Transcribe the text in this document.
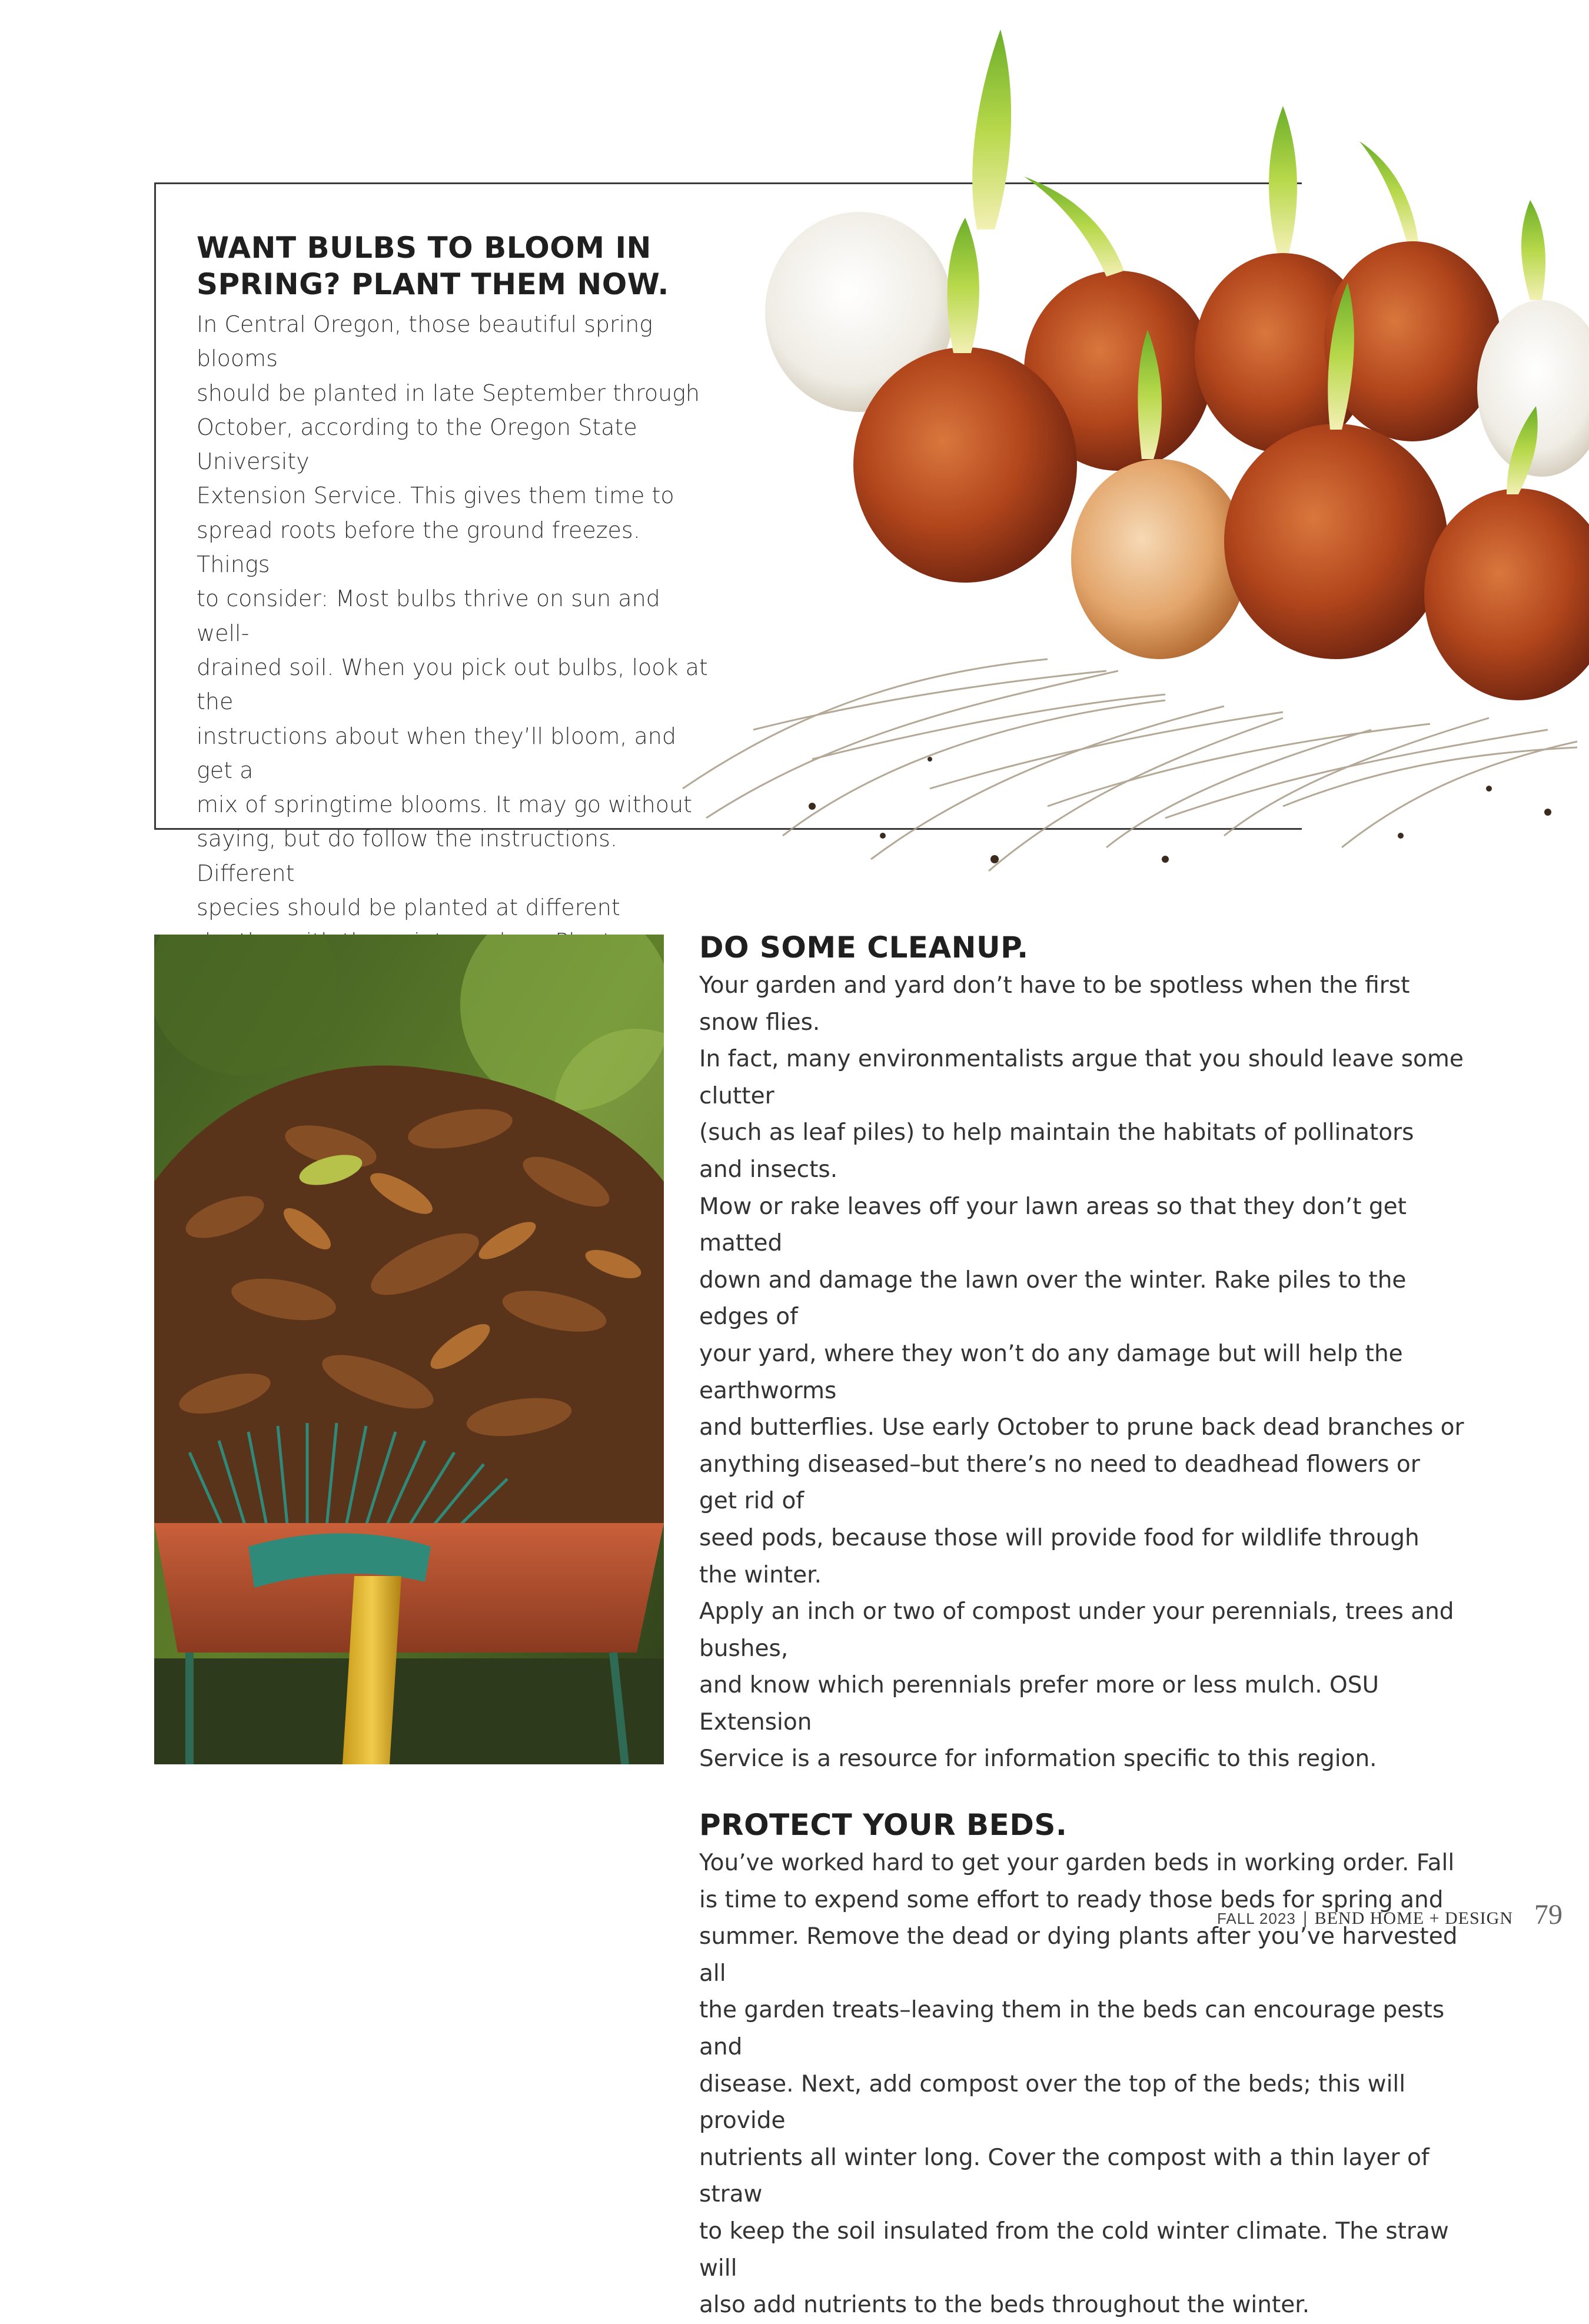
WANT BULBS TO BLOOM IN
SPRING? PLANT THEM NOW.

In Central Oregon, those beautiful spring blooms
should be planted in late September through
October, according to the Oregon State University
Extension Service. This gives them time to
spread roots before the ground freezes. Things
to consider: Most bulbs thrive on sun and well-
drained soil. When you pick out bulbs, look at the
instructions about when they’ll bloom, and get a
mix of springtime blooms. It may go without
saying, but do follow the instructions. Different
species should be planted at different

DO SOME CLEANUP.

Your garden and yard don’t have to be spotless when the first snow flies.
In fact, many environmentalists argue that you should leave some clutter
(such as leaf piles) to help maintain the habitats of pollinators and insects.
Mow or rake leaves off your lawn areas so that they don’t get matted
down and damage the lawn over the winter. Rake piles to the edges of
your yard, where they won’t do any damage but will help the earthworms
and butterflies. Use early October to prune back dead branches or
anything diseased–but there’s no need to deadhead flowers or get rid of
seed pods, because those will provide food for wildlife through the winter.
Apply an inch or two of compost under your perennials, trees and bushes,
and know which perennials prefer more or less mulch. OSU Extension
Service is a resource for information specific to this region.

PROTECT YOUR BEDS.

You’ve worked hard to get your garden beds in working order. Fall
is time to expend some effort to ready those beds for spring and
summer. Remove the dead or dying plants after you’ve harvested all
the garden treats–leaving them in the beds can encourage pests and
disease. Next, add compost over the top of the beds; this will provide
nutrients all winter long. Cover the compost with a thin layer of straw
to keep the soil insulated from the cold winter climate. The straw will
also add nutrients to the beds throughout the winter.

FALL 2023 | BEND HOME + DESIGN 79
